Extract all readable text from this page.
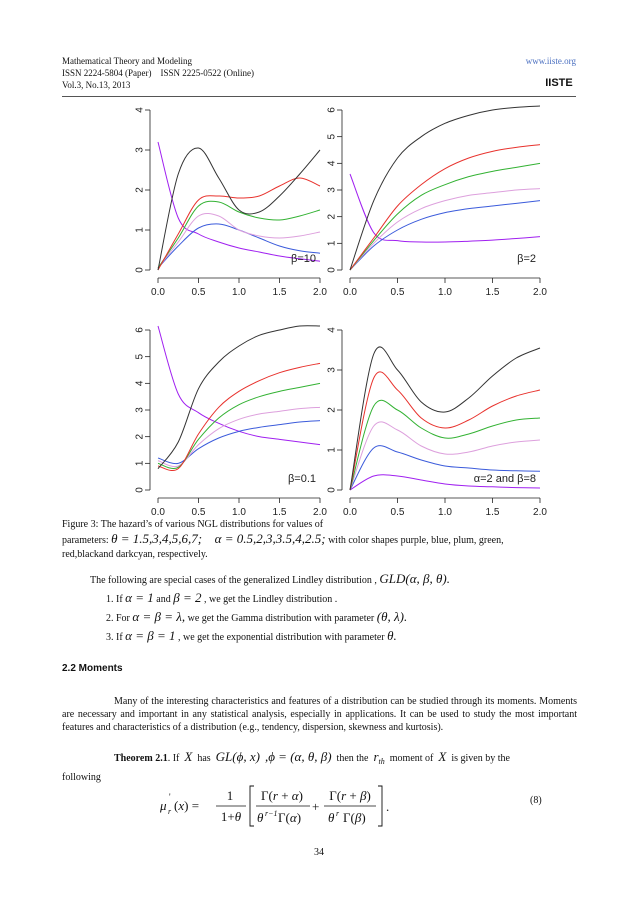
Mathematical Theory and Modeling
ISSN 2224-5804 (Paper)    ISSN 2225-0522 (Online)
Vol.3, No.13, 2013
www.iiste.org
IISTE
0
1
2
3
4
0.0	0.5	1.0	1.5	2.0
β=10
0
1
2
3
4
5
6
0.0	0.5	1.0	1.5	2.0
β=2
0
1
2
3
4
5
6
0.0	0.5	1.0	1.5	2.0
β=0.1
0
1
2
3
4
0.0	0.5	1.0	1.5	2.0
α=2 and β=8
Figure 3: The hazard’s of various NGL distributions for values of
parameters: θ = 1.5,3,4,5,6,7; α = 0.5,2,3,3.5,4,2.5; with color shapes purple, blue, plum, green,
red,blackand darkcyan, respectively.
The following are special cases of the generalized Lindley distribution , GLD(α, β, θ).
1. If α = 1 and β = 2 , we get the Lindley distribution .
2. For α = β = λ, we get the Gamma distribution with parameter (θ, λ).
3. If α = β = 1 , we get the exponential distribution with parameter θ.
2.2 Moments

Many of the interesting characteristics and features of a distribution can be studied through its moments. Moments are necessary and important in any statistical analysis, especially in applications. It can be used to study the most important features and characteristics of a distribution (e.g., tendency, dispersion, skewness and kurtosis).

Theorem 2.1. If X has GL(ϕ, x) ,ϕ = (α, θ, β) then the $r_{th}$ moment of X is given by the
following
μ r
'
(x) =
1
1+θ
Γ(r + α)
θ r−1 Γ(α)
+
Γ(r + β)
θ r Γ(β)
.	(8)
34
